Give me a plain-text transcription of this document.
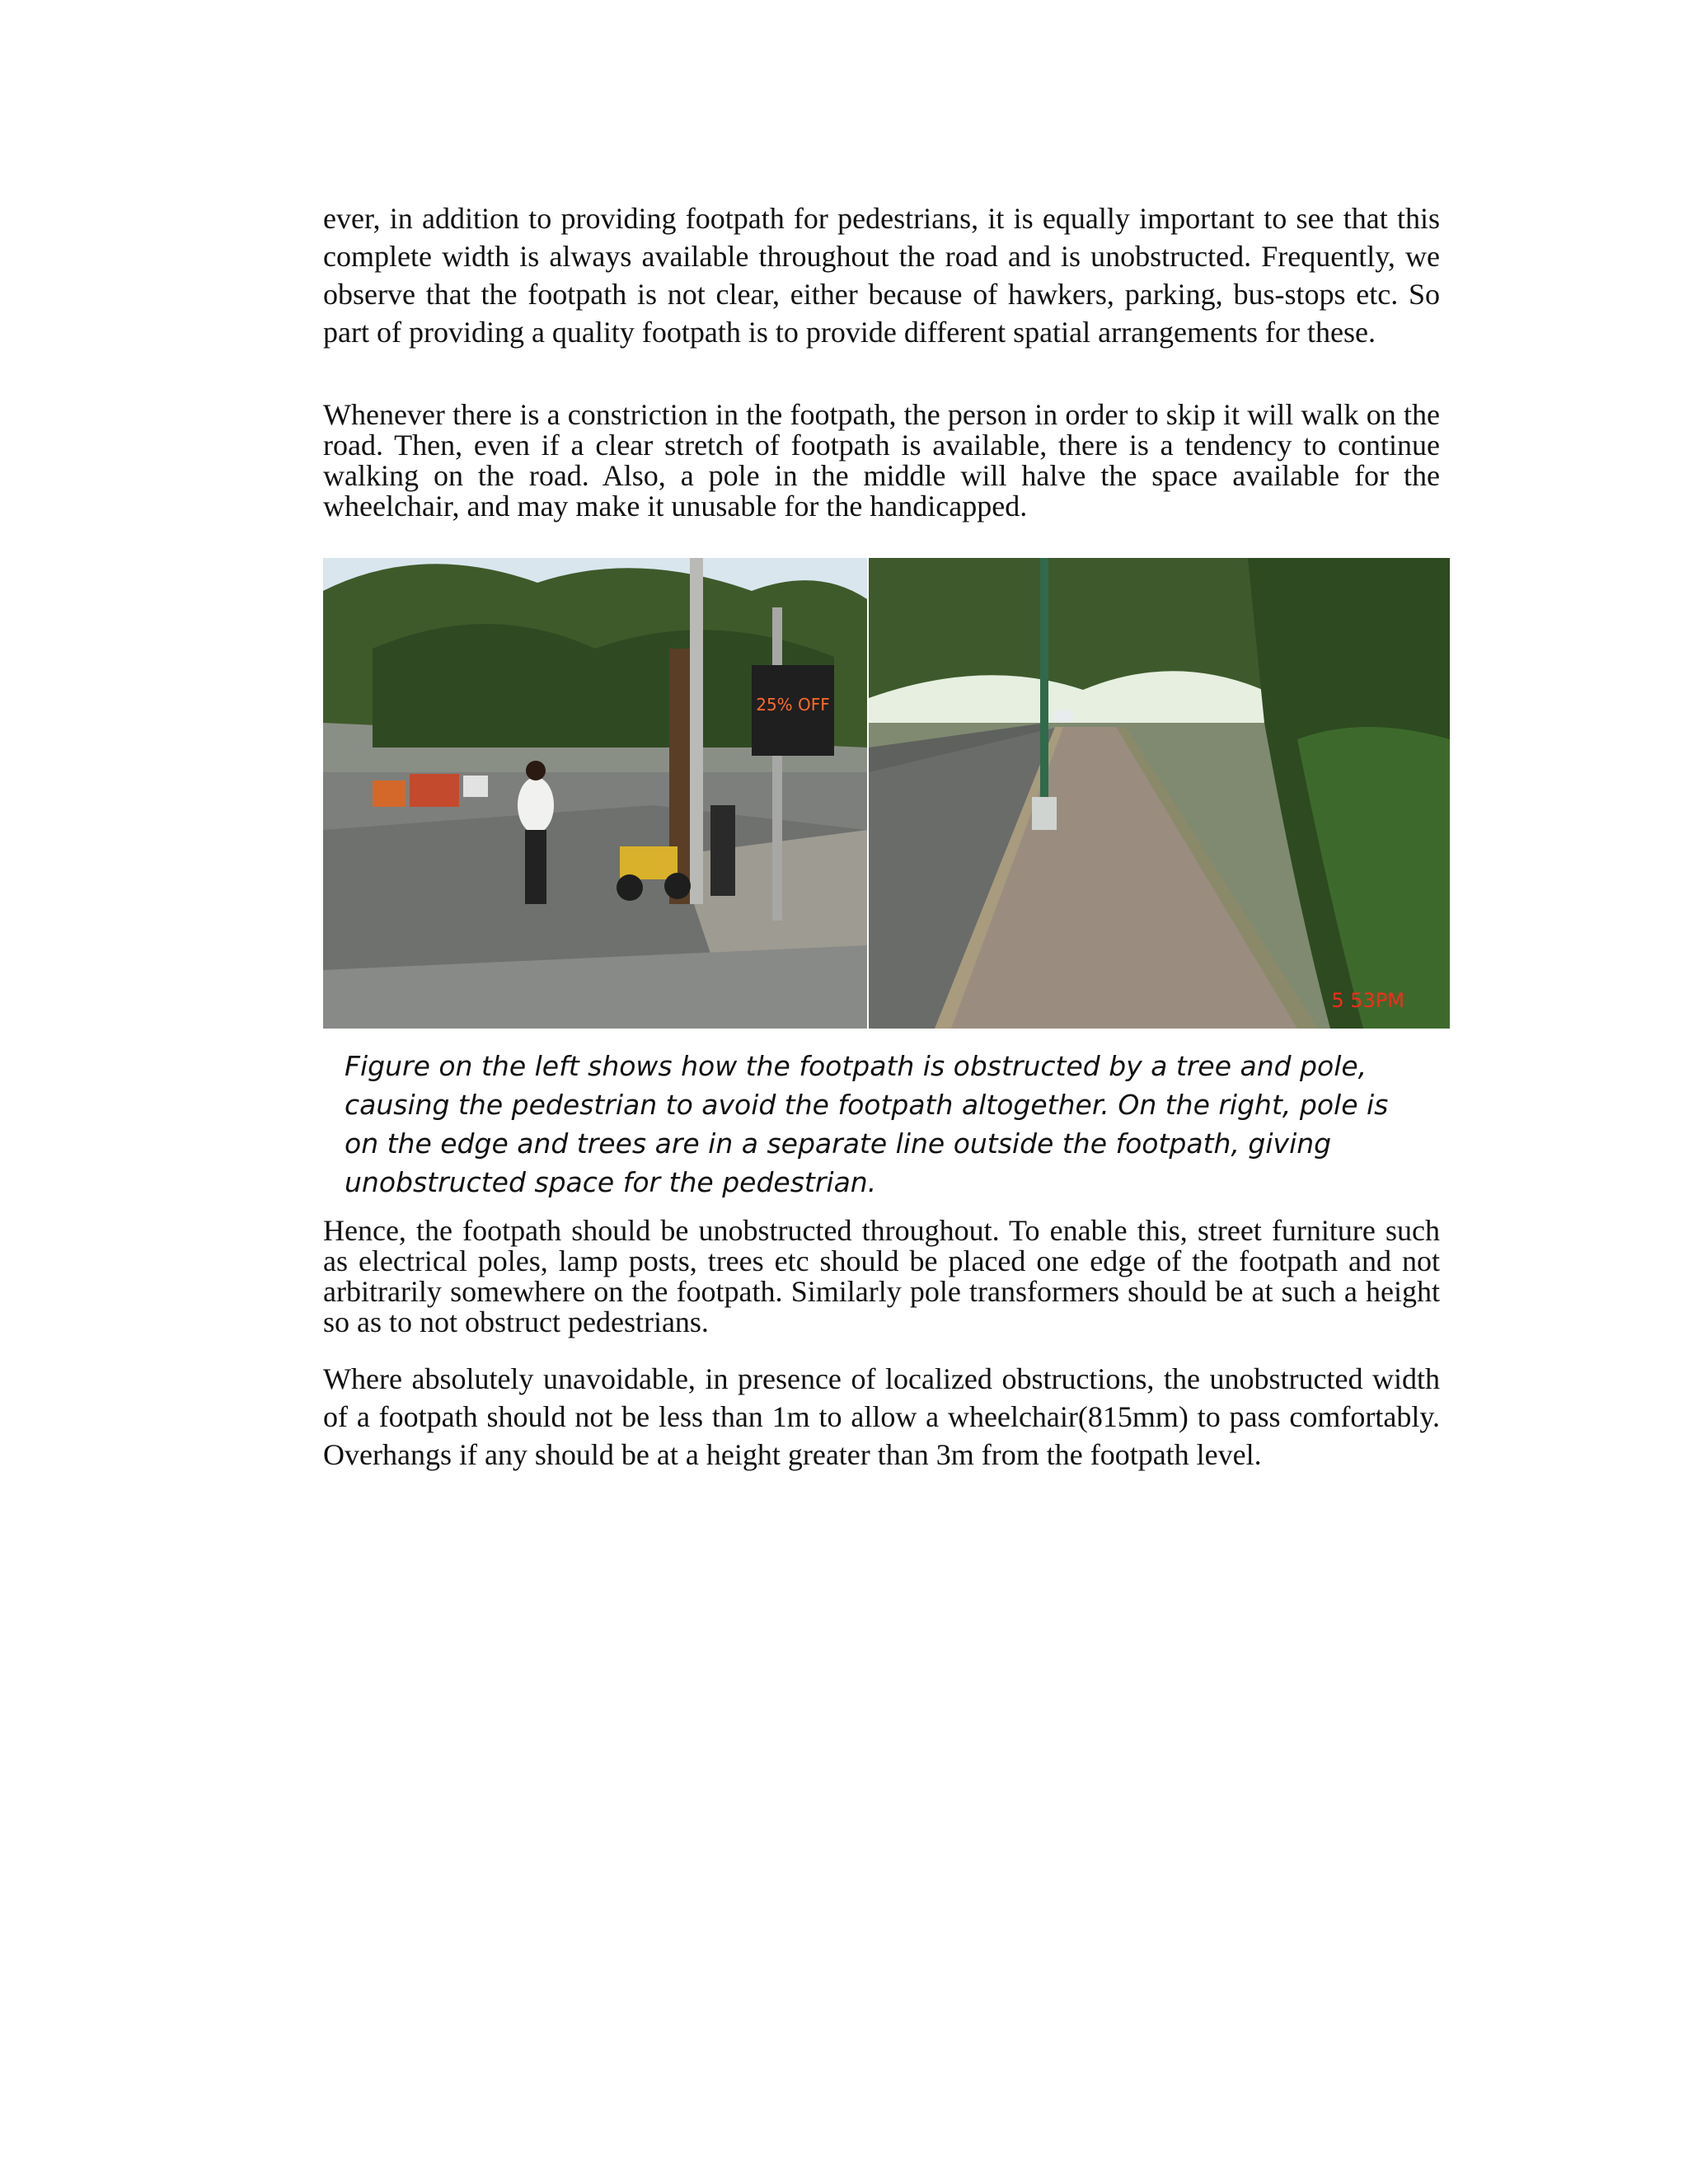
ever, in addition to providing footpath for pedestrians, it is equally important to see that this complete width is always available throughout the road and is unobstructed. Frequently, we observe that the footpath is not clear, either because of hawkers, parking, bus-stops etc. So part of providing a quality footpath is to provide different spatial arrangements for these.

Whenever there is a constriction in the footpath, the person in order to skip it will walk on the road. Then, even if a clear stretch of footpath is available, there is a tendency to continue walking on the road. Also, a pole in the middle will halve the space available for the wheelchair, and may make it unusable for the handicapped.

25% OFF
5 53PM

Figure on the left shows how the footpath is obstructed by a tree and pole, causing the pedestrian to avoid the footpath altogether. On the right, pole is on the edge and trees are in a separate line outside the footpath, giving unobstructed space for the pedestrian.

Hence, the footpath should be unobstructed throughout. To enable this, street furniture such as electrical poles, lamp posts, trees etc should be placed one edge of the footpath and not arbitrarily somewhere on the footpath. Similarly pole transformers should be at such a height so as to not obstruct pedestrians.

Where absolutely unavoidable, in presence of localized obstructions, the unobstructed width of a footpath should not be less than 1m to allow a wheelchair(815mm) to pass comfortably. Overhangs if any should be at a height greater than 3m from the footpath level.
